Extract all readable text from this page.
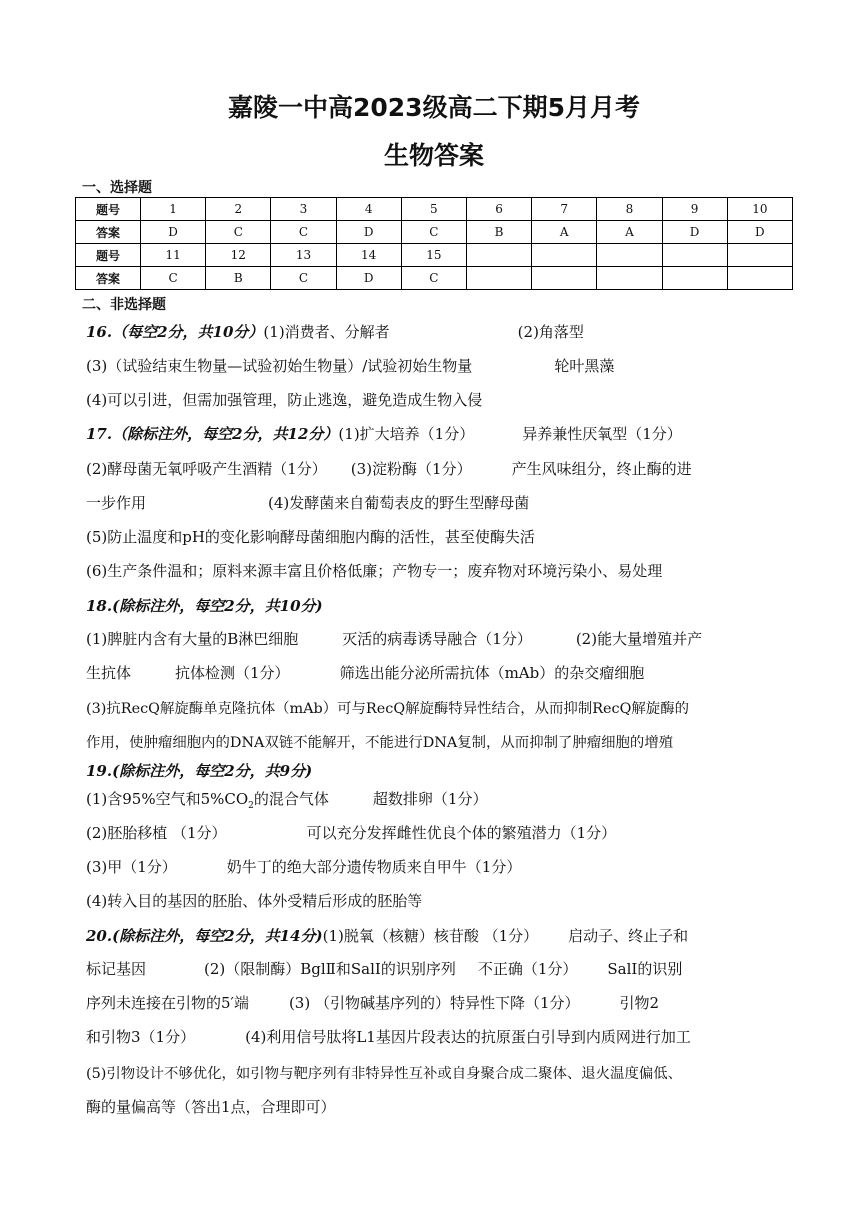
嘉陵一中高2023级高二下期5月月考
生物答案
一、选择题
题号	1	2	3	4	5	6	7	8	9	10
答案	D	C	C	D	C	B	A	A	D	D
题号	11	12	13	14	15					
答案	C	B	C	D	C					
二、非选择题
16.（每空2分，共10分）(1)消费者、分解者	(2)角落型
(3)（试验结束生物量—试验初始生物量）/试验初始生物量	轮叶黑藻
(4)可以引进，但需加强管理，防止逃逸，避免造成生物入侵
17.（除标注外，每空2分，共12分）(1)扩大培养（1分）	异养兼性厌氧型（1分）
(2)酵母菌无氧呼吸产生酒精（1分） (3)淀粉酶（1分）	产生风味组分，终止酶的进
一步作用	(4)发酵菌来自葡萄表皮的野生型酵母菌
(5)防止温度和pH的变化影响酵母菌细胞内酶的活性，甚至使酶失活
(6)生产条件温和；原料来源丰富且价格低廉；产物专一；废弃物对环境污染小、易处理
18.(除标注外，每空2分，共10分)
(1)脾脏内含有大量的B淋巴细胞	灭活的病毒诱导融合（1分）	(2)能大量增殖并产
生抗体	抗体检测（1分）	筛选出能分泌所需抗体（mAb）的杂交瘤细胞
(3)抗RecQ解旋酶单克隆抗体（mAb）可与RecQ解旋酶特异性结合，从而抑制RecQ解旋酶的
作用，使肿瘤细胞内的DNA双链不能解开，不能进行DNA复制，从而抑制了肿瘤细胞的增殖
19.(除标注外，每空2分，共9分)
(1)含95%空气和$5\%CO_2$的混合气体	超数排卵（1分）
(2)胚胎移植 （1分）	可以充分发挥雌性优良个体的繁殖潜力（1分）
(3)甲（1分）	奶牛丁的绝大部分遗传物质来自甲牛（1分）
(4)转入目的基因的胚胎、体外受精后形成的胚胎等
20.(除标注外，每空2分，共14分)(1)脱氧（核糖）核苷酸 （1分） 启动子、终止子和
标记基因	(2)（限制酶）BglⅡ和SalI的识别序列 不正确（1分） SalI的识别
序列未连接在引物的5′端	(3) （引物碱基序列的）特异性下降（1分）	引物2
和引物3（1分）	(4)利用信号肽将L1基因片段表达的抗原蛋白引导到内质网进行加工
(5)引物设计不够优化，如引物与靶序列有非特异性互补或自身聚合成二聚体、退火温度偏低、
酶的量偏高等（答出1点，合理即可）
